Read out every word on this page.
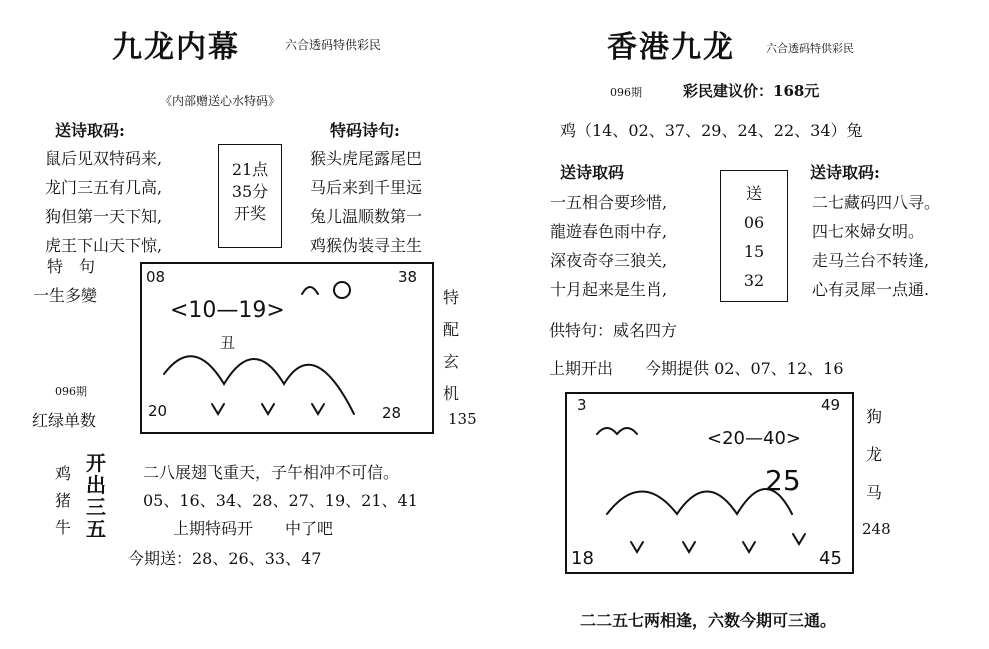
九龙内幕	六合透码特供彩民
《内部赠送心水特码》
送诗取码:
鼠后见双特码来,
龙门三五有几高,
狗但第一天下知,
虎王下山天下惊,
21点
35分
开奖
特码诗句:
猴头虎尾露尾巴
马后来到千里远
兔儿温顺数第一
鸡猴伪装寻主生
特　句
一生多變
096期
红绿单数
08	38
<10—19>
丑
20	28
特
配
玄
机
135
鸡
猪
牛
开
出
三
五
二八展翅飞重天，子午相冲不可信。
05、16、34、28、27、19、21、41
上期特码开　　中了吧
今期送：28、26、33、47
香港九龙	六合透码特供彩民
096期	彩民建议价：168元
鸡（14、02、37、29、24、22、34）兔
送诗取码
一五相合要珍惜,
龍遊春色雨中存,
深夜奇夺三狼关,
十月起来是生肖,
送
06
15
32
送诗取码:
二七藏码四八寻。
四七來婦女明。
走马兰台不转逢,
心有灵犀一点通.
供特句：威名四方
上期开出　　今期提供 02、07、12、16
3	49
<20—40>
25
18	45
狗
龙
马
248
二二五七两相逢，六数今期可三通。
